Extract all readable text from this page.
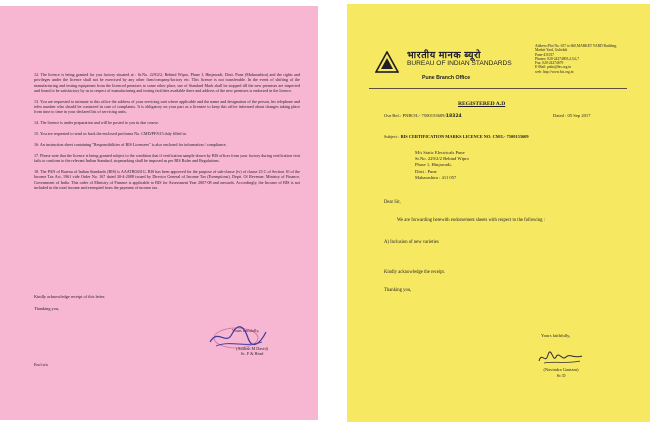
12. The licence is being granted for you factory situated at : Sr.No. 229/2/2, Behind Wipro, Phase I, Hinjawadi, Distt. Pune (Maharashtra) and the rights and privileges under the licence shall not be exercised by any other firm/company/factory etc. This licence is not transferable. In the event of shifting of the manufacturing and testing equipment from the licenced premises to some other place, use of Standard Mark shall be stopped till the new premises are inspected and found to be satisfactory by us in respect of manufacturing and testing facilities available there and address of the new premises is endorsed in the licence.

13. You are requested to intimate to this office the address of your servicing unit where applicable and the name and designation of the person, his telephone and telex number who should be contacted in case of complaints. It is obligatory on your part as a licensee to keep this office informed about changes taking place from time to time in your declared list of servicing units.

14. The licence is under preparation and will be posted to you in due course.

15. You are requested to send us back the enclosed proforma No. CMD/PF/615 duly filled in.

16. An instruction sheet containing "Responsibilities of BIS Licensees" is also enclosed for information / compliance.

17. Please note that the licence is being granted subject to the condition that if verification sample drawn by BIS officer from your factory during verification visit fails to conform to the relevant Indian Standard, stopmarking shall be imposed as per BIS Rules and Regulations.

18. The PAN of Bureau of Indian Standards (BIS) is AAATB0431G. BIS has been approved for the purpose of sub-clause (iv) of clause 23 C of Section 10 of the Income Tax Act, 1961 vide Order No. 167 dated 30-4-2008 issued by Director General of Income Tax (Exemptions), Deptt. Of Revenue, Ministry of Finance, Government of India. This order of Ministry of Finance is applicable to BIS for Assessment Year 2007-08 and onwards. Accordingly, the Income of BIS is not included in the total income and exempted from the payment of income tax.

Kindly acknowledge receipt of this letter.
Thanking you,
Yours faithfully,
(Anilesh M David)
Sc. F & Head
Encl:a/a
भारतीय मानक ब्यूरो
BUREAU OF INDIAN STANDARDS
Pune Branch Office
Address:Plot No. 657 to 660,MARKET YARD Building,
Market Yard, Gultekdi
Pune-411037
Phones: 020-24274803,4,5,6,7
Fax: 020-24274679
E-Mail: pnbo@bis.org.in
web: http://www.bis.org.in
REGISTERED A.D
Our Ref.: PNBO/L- 7500153609/18324	Dated : 05 Sep 2017
Subject : BIS CERTIFICATION MARKS LICENCE NO. CM/L- 7500153609
M/s Static Electricals Pune
Sr.No. 229/2/2 Behind Wipro
Phase 1, Hinjawadi,
Distt : Pune
Maharashtra : 411 057
Dear Sir,
We are forwarding herewith endorsement sheets with respect to the following :
A) Inclusion of new varieties
Kindly acknowledge the receipt.
Thanking you,
Yours faithfully,
(Navindra Gautam)
Sc D
